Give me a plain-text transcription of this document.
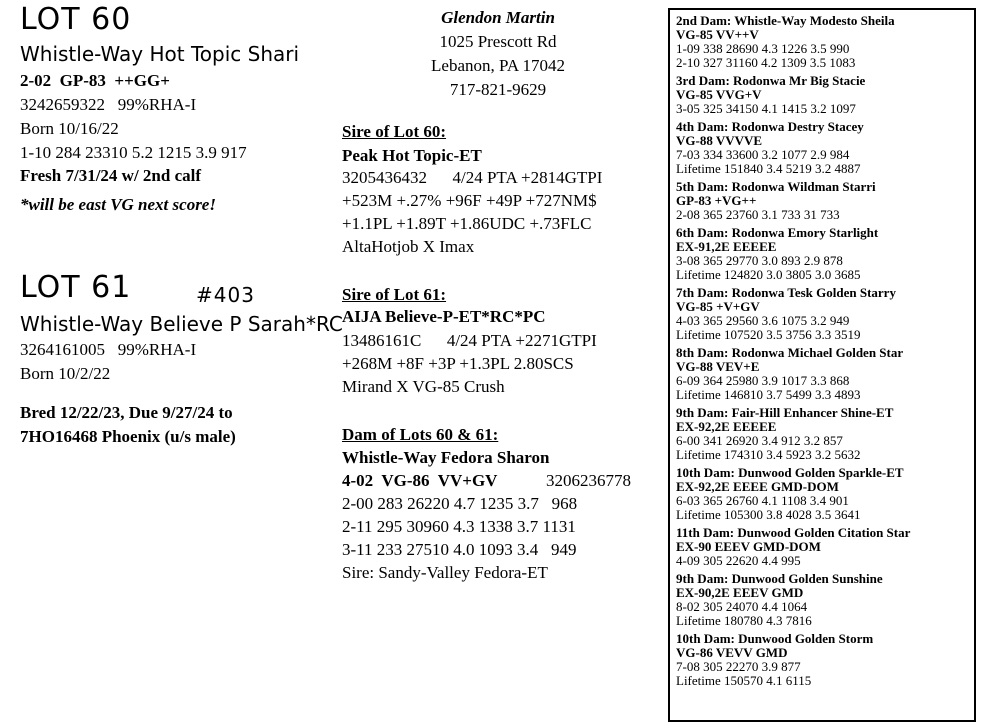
LOT 60
Whistle-Way Hot Topic Shari
2-02  GP-83  ++GG+
3242659322   99%RHA-I
Born 10/16/22
1-10 284 23310 5.2 1215 3.9 917
Fresh 7/31/24 w/ 2nd calf
*will be east VG next score!
LOT 61	#403
Whistle-Way Believe P Sarah*RC
3264161005   99%RHA-I
Born 10/2/22
Bred 12/22/23, Due 9/27/24 to
7HO16468 Phoenix (u/s male)
Glendon Martin
1025 Prescott Rd
Lebanon, PA 17042
717-821-9629
Sire of Lot 60:
Peak Hot Topic-ET
3205436432      4/24 PTA +2814GTPI
+523M +.27% +96F +49P +727NM$
+1.1PL +1.89T +1.86UDC +.73FLC
AltaHotjob X Imax
Sire of Lot 61:
AIJA Believe-P-ET*RC*PC
13486161C      4/24 PTA +2271GTPI
+268M +8F +3P +1.3PL 2.80SCS
Mirand X VG-85 Crush
Dam of Lots 60 & 61:
Whistle-Way Fedora Sharon
4-02  VG-86  VV+GV	3206236778
2-00 283 26220 4.7 1235 3.7   968
2-11 295 30960 4.3 1338 3.7 1131
3-11 233 27510 4.0 1093 3.4   949
Sire: Sandy-Valley Fedora-ET
2nd Dam: Whistle-Way Modesto Sheila
VG-85 VV++V
1-09 338 28690 4.3 1226 3.5 990
2-10 327 31160 4.2 1309 3.5 1083
3rd Dam: Rodonwa Mr Big Stacie
VG-85 VVG+V
3-05 325 34150 4.1 1415 3.2 1097
4th Dam: Rodonwa Destry Stacey
VG-88 VVVVE
7-03 334 33600 3.2 1077 2.9 984
Lifetime 151840 3.4 5219 3.2 4887
5th Dam: Rodonwa Wildman Starri
GP-83 +VG++
2-08 365 23760 3.1 733 31 733
6th Dam: Rodonwa Emory Starlight
EX-91,2E EEEEE
3-08 365 29770 3.0 893 2.9 878
Lifetime 124820 3.0 3805 3.0 3685
7th Dam: Rodonwa Tesk Golden Starry
VG-85 +V+GV
4-03 365 29560 3.6 1075 3.2 949
Lifetime 107520 3.5 3756 3.3 3519
8th Dam: Rodonwa Michael Golden Star
VG-88 VEV+E
6-09 364 25980 3.9 1017 3.3 868
Lifetime 146810 3.7 5499 3.3 4893
9th Dam: Fair-Hill Enhancer Shine-ET
EX-92,2E EEEEE
6-00 341 26920 3.4 912 3.2 857
Lifetime 174310 3.4 5923 3.2 5632
10th Dam: Dunwood Golden Sparkle-ET
EX-92,2E EEEE GMD-DOM
6-03 365 26760 4.1 1108 3.4 901
Lifetime 105300 3.8 4028 3.5 3641
11th Dam: Dunwood Golden Citation Star
EX-90 EEEV GMD-DOM
4-09 305 22620 4.4 995
9th Dam: Dunwood Golden Sunshine
EX-90,2E EEEV GMD
8-02 305 24070 4.4 1064
Lifetime 180780 4.3 7816
10th Dam: Dunwood Golden Storm
VG-86 VEVV GMD
7-08 305 22270 3.9 877
Lifetime 150570 4.1 6115
